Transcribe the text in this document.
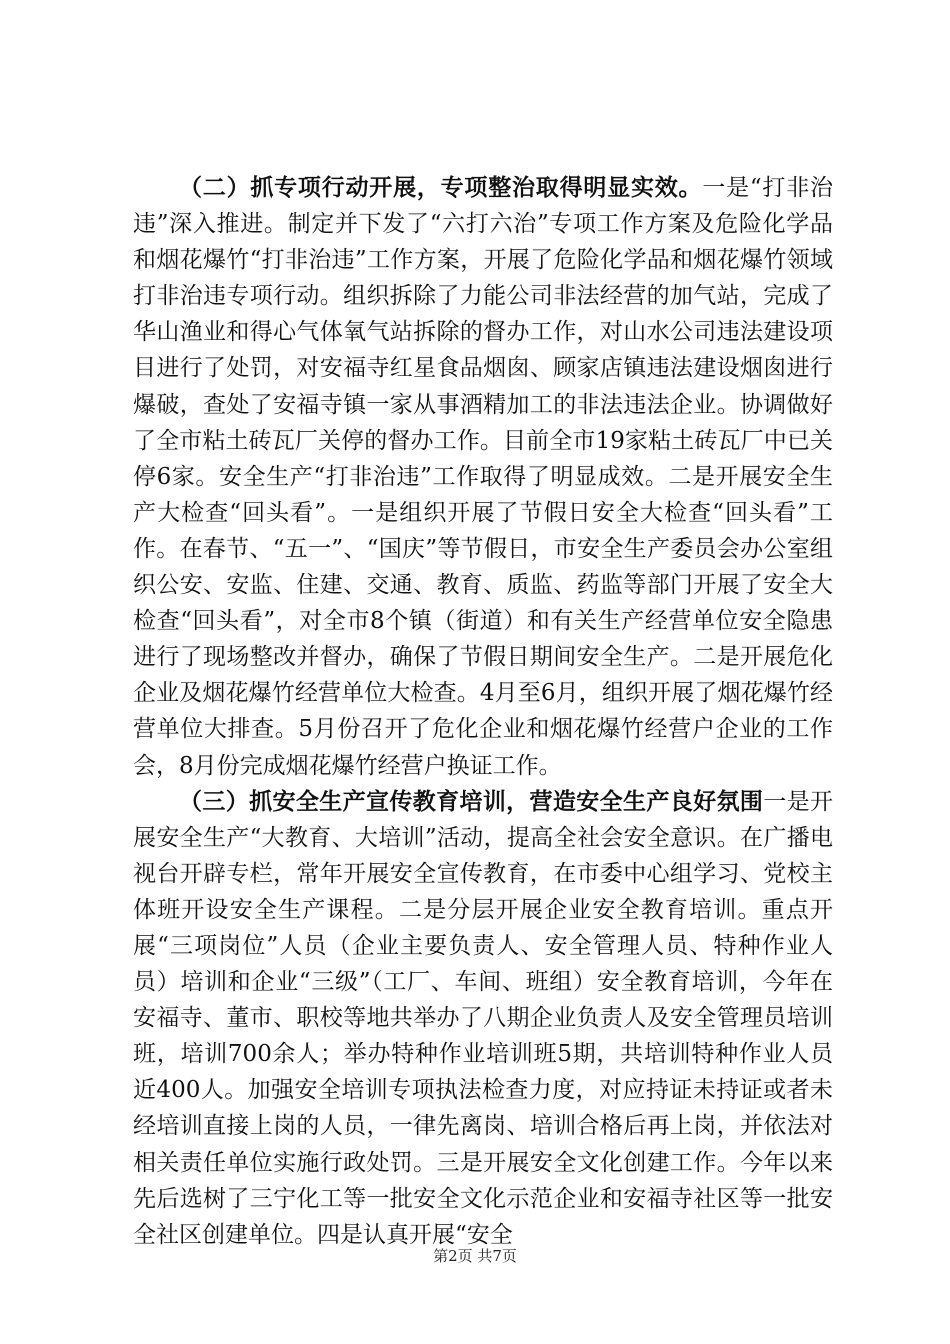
（二）抓专项行动开展，专项整治取得明显实效。一是“打非治违”深入推进。制定并下发了“六打六治”专项工作方案及危险化学品和烟花爆竹“打非治违”工作方案，开展了危险化学品和烟花爆竹领域打非治违专项行动。组织拆除了力能公司非法经营的加气站，完成了华山渔业和得心气体氧气站拆除的督办工作，对山水公司违法建设项目进行了处罚，对安福寺红星食品烟囱、顾家店镇违法建设烟囱进行爆破，查处了安福寺镇一家从事酒精加工的非法违法企业。协调做好了全市粘土砖瓦厂关停的督办工作。目前全市19家粘土砖瓦厂中已关停6家。安全生产“打非治违”工作取得了明显成效。二是开展安全生产大检查“回头看”。一是组织开展了节假日安全大检查“回头看”工作。在春节、“五一”、“国庆”等节假日，市安全生产委员会办公室组织公安、安监、住建、交通、教育、质监、药监等部门开展了安全大检查“回头看”，对全市8个镇（街道）和有关生产经营单位安全隐患进行了现场整改并督办，确保了节假日期间安全生产。二是开展危化企业及烟花爆竹经营单位大检查。4月至6月，组织开展了烟花爆竹经营单位大排查。5月份召开了危化企业和烟花爆竹经营户企业的工作会，8月份完成烟花爆竹经营户换证工作。

（三）抓安全生产宣传教育培训，营造安全生产良好氛围一是开展安全生产“大教育、大培训”活动，提高全社会安全意识。在广播电视台开辟专栏，常年开展安全宣传教育，在市委中心组学习、党校主体班开设安全生产课程。二是分层开展企业安全教育培训。重点开展“三项岗位”人员（企业主要负责人、安全管理人员、特种作业人员）培训和企业“三级”（工厂、车间、班组）安全教育培训，今年在安福寺、董市、职校等地共举办了八期企业负责人及安全管理员培训班，培训700余人；举办特种作业培训班5期，共培训特种作业人员近400人。加强安全培训专项执法检查力度，对应持证未持证或者未经培训直接上岗的人员，一律先离岗、培训合格后再上岗，并依法对相关责任单位实施行政处罚。三是开展安全文化创建工作。今年以来先后选树了三宁化工等一批安全文化示范企业和安福寺社区等一批安全社区创建单位。四是认真开展“安全

第2页 共7页
